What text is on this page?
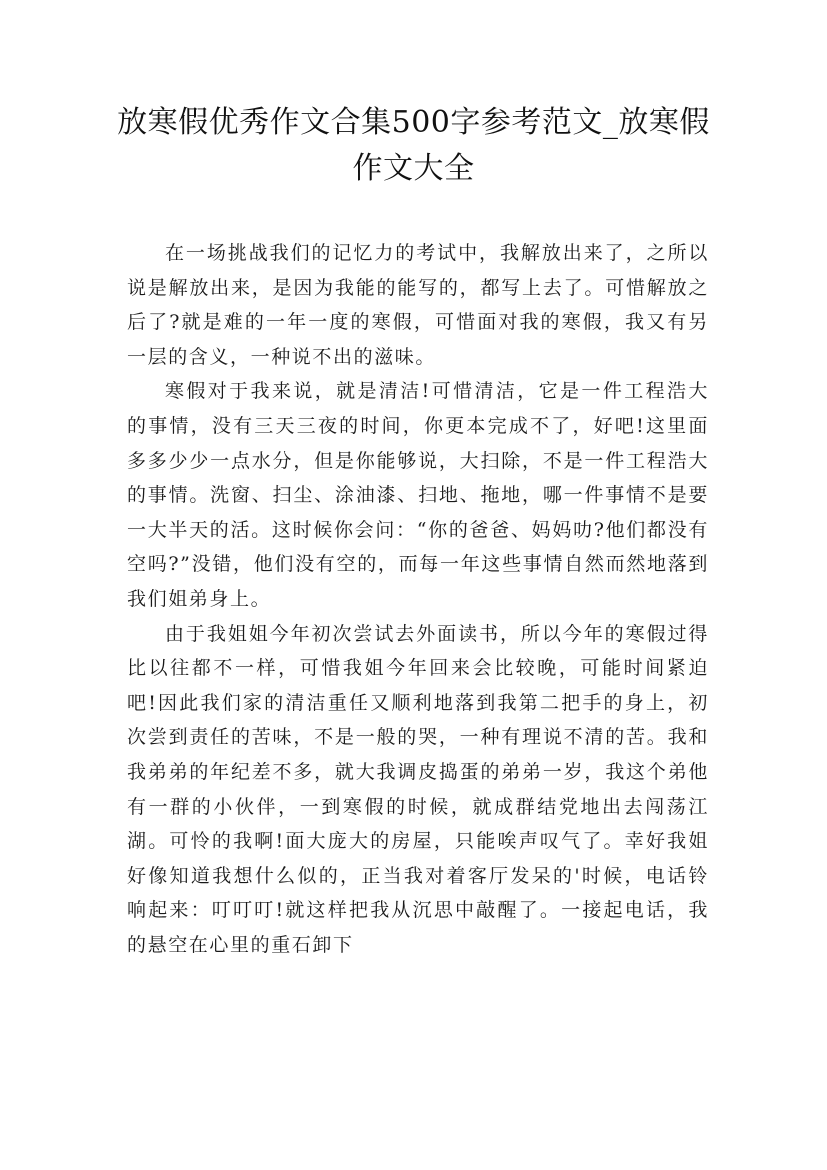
放寒假优秀作文合集500字参考范文_放寒假作文大全

在一场挑战我们的记忆力的考试中，我解放出来了，之所以说是解放出来，是因为我能的能写的，都写上去了。可惜解放之后了?就是难的一年一度的寒假，可惜面对我的寒假，我又有另一层的含义，一种说不出的滋味。

寒假对于我来说，就是清洁!可惜清洁，它是一件工程浩大的事情，没有三天三夜的时间，你更本完成不了，好吧!这里面多多少少一点水分，但是你能够说，大扫除，不是一件工程浩大的事情。洗窗、扫尘、涂油漆、扫地、拖地，哪一件事情不是要一大半天的活。这时候你会问：“你的爸爸、妈妈叻?他们都没有空吗?”没错，他们没有空的，而每一年这些事情自然而然地落到我们姐弟身上。

由于我姐姐今年初次尝试去外面读书，所以今年的寒假过得比以往都不一样，可惜我姐今年回来会比较晚，可能时间紧迫吧!因此我们家的清洁重任又顺利地落到我第二把手的身上，初次尝到责任的苦味，不是一般的哭，一种有理说不清的苦。我和我弟弟的年纪差不多，就大我调皮捣蛋的弟弟一岁，我这个弟他有一群的小伙伴，一到寒假的时候，就成群结党地出去闯荡江湖。可怜的我啊!面大庞大的房屋，只能唉声叹气了。幸好我姐好像知道我想什么似的，正当我对着客厅发呆的'时候，电话铃响起来：叮叮叮!就这样把我从沉思中敲醒了。一接起电话，我的悬空在心里的重石卸下
